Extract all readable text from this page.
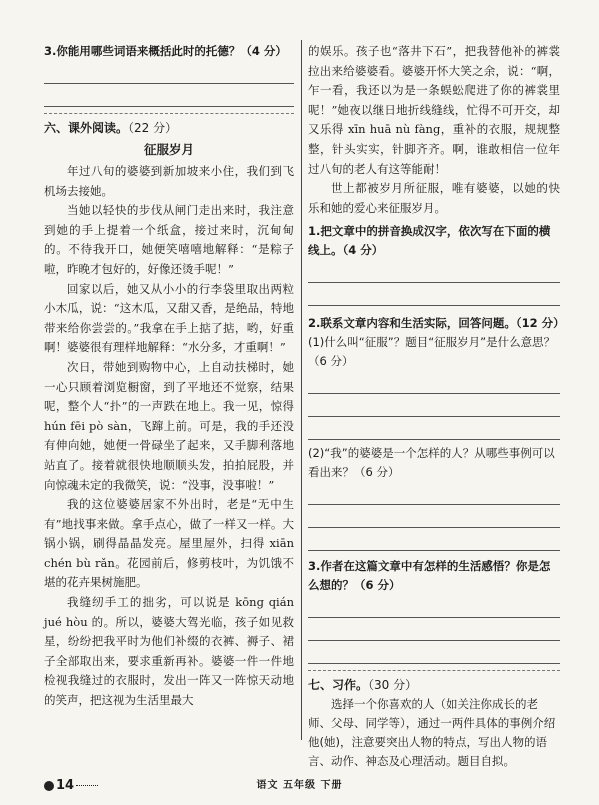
3.你能用哪些词语来概括此时的托德？（4 分）

六、课外阅读。（22 分）

征服岁月

年过八旬的婆婆到新加坡来小住，我们到飞机场去接她。

当她以轻快的步伐从闸门走出来时，我注意到她的手上提着一个纸盒，接过来时，沉甸甸的。不待我开口，她便笑嘻嘻地解释：“是粽子啦，昨晚才包好的，好像还烫手呢！”

回家以后，她又从小小的行李袋里取出两粒小木瓜，说：“这木瓜，又甜又香，是绝品，特地带来给你尝尝的。”我拿在手上掂了掂，哟，好重啊！婆婆很有理样地解释：“水分多，才重啊！”

次日，带她到购物中心，上自动扶梯时，她一心只顾着浏览橱窗，到了平地还不觉察，结果呢，整个人“扑”的一声跌在地上。我一见，惊得 hún fēi pò sàn，飞蹿上前。可是，我的手还没有伸向她，她便一骨碌坐了起来，又手脚利落地站直了。接着就很快地顺顺头发，拍拍屁股，并向惊魂未定的我微笑，说：“没事，没事啦！”

我的这位婆婆居家不外出时，老是“无中生有”地找事来做。拿手点心，做了一样又一样。大锅小锅，刷得晶晶发亮。屋里屋外，扫得 xiān chén bù rǎn。花园前后，修剪枝叶，为饥饿不堪的花卉果树施肥。

我缝纫手工的拙劣，可以说是 kōng qián jué hòu 的。所以，婆婆大驾光临，孩子如见救星，纷纷把我平时为他们补缀的衣裤、褥子、裙子全部取出来，要求重新再补。婆婆一件一件地检视我缝过的衣服时，发出一阵又一阵惊天动地的笑声，把这视为生活里最大

的娱乐。孩子也“落井下石”，把我替他补的裤裳拉出来给婆婆看。婆婆开怀大笑之余，说：“啊，乍一看，我还以为是一条蜈蚣爬进了你的裤裳里呢！”她夜以继日地折线缝线，忙得不可开交，却又乐得 xīn huā nù fàng，重补的衣服，规规整整，针头实实，针脚齐齐。啊，谁敢相信一位年过八旬的老人有这等能耐！

世上都被岁月所征服，唯有婆婆，以她的快乐和她的爱心来征服岁月。

1.把文章中的拼音换成汉字，依次写在下面的横线上。（4 分）

2.联系文章内容和生活实际，回答问题。（12 分）

(1)什么叫“征服”？题目“征服岁月”是什么意思？（6 分）

(2)“我”的婆婆是一个怎样的人？从哪些事例可以看出来？（6 分）

3.作者在这篇文章中有怎样的生活感悟？你是怎么想的？（6 分）

七、习作。（30 分）

选择一个你喜欢的人（如关注你成长的老师、父母、同学等），通过一两件具体的事例介绍他(她)，注意要突出人物的特点，写出人物的语言、动作、神态及心理活动。题目自拟。

14	语文 五年级 下册
